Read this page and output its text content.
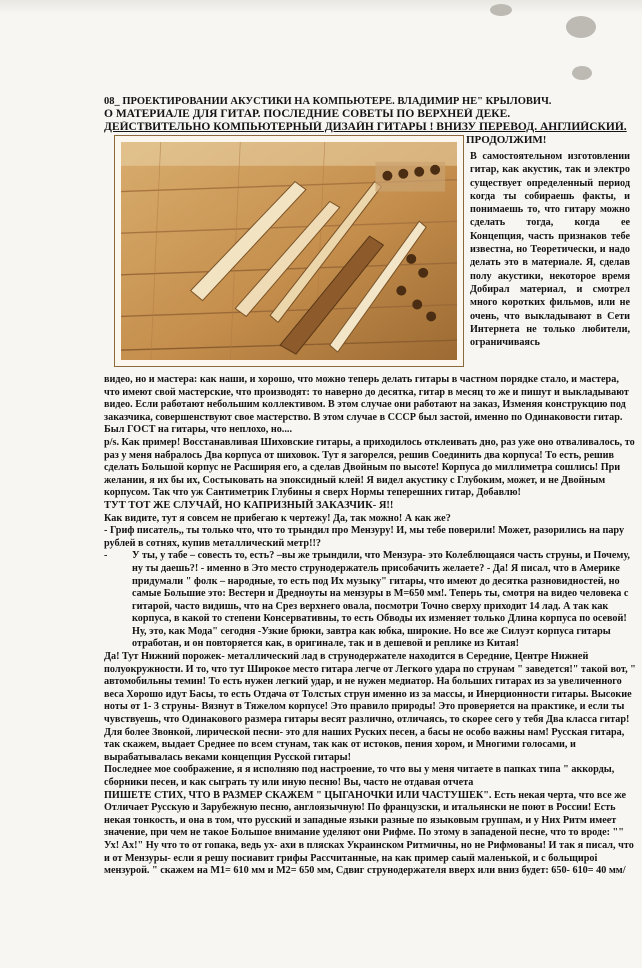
08_ ПРОЕКТИРОВАНИИ АКУСТИКИ НА КОМПЬЮТЕРЕ. ВЛАДИМИР НЕ" КРЫЛОВИЧ.
О МАТЕРИАЛЕ ДЛЯ ГИТАР. ПОСЛЕДНИЕ СОВЕТЫ ПО ВЕРХНЕЙ ДЕКЕ.
ДЕЙСТВИТЕЛЬНО КОМПЬЮТЕРНЫЙ ДИЗАЙН ГИТАРЫ ! ВНИЗУ ПЕРЕВОД. АНГЛИЙСКИЙ.
ПРОДОЛЖИМ!
В самостоятельном изготовлении гитар, как акустик, так и электро существует определенный период когда ты собираешь факты, и понимаешь то, что гитару можно сделать тогда, когда ее Концепция, часть признаков тебе известна, но Теоретически, и надо делать это в материале. Я, сделав полу акустики, некоторое время Добирал материал, и смотрел много коротких фильмов, или не очень, что выкладывают в Сети Интернета не только любители, ограничиваясь

видео, но и мастера: как наши, и хорошо, что можно теперь делать гитары в частном порядке стало, и мастера, что имеют свой мастерские, что производят: то наверно до десятка, гитар в месяц то же и пишут и выкладывают видео. Если работают небольшим коллективом. В этом случае они работают на заказ, Изменяя конструкцию под заказчика, совершенствуют свое мастерство. В этом случае в СССР был застой, именно по Одинаковости гитар. Был ГОСТ на гитары, что неплохо, но....

p/s. Как пример! Восстанавливая Шиховские гитары, а приходилось отклеивать дно, раз уже оно отваливалось, то раз у меня набралось Два корпуса от шиховок. Тут я загорелся, решив Соединить два корпуса! То есть, решив сделать Большой корпус не Расширяя его, а сделав Двойным по высоте! Корпуса до миллиметра сошлись! При желании, я их бы их, Состыковать на эпоксидный клей! Я видел акустику с Глубоким, может, и не Двойным корпусом. Так что уж Сантиметрик Глубины я сверх Нормы теперешних гитар, Добавлю!

ТУТ ТОТ ЖЕ СЛУЧАЙ, НО КАПРИЗНЫЙ ЗАКАЗЧИК- Я!!

Как видите, тут я совсем не прибегаю к чертежу! Да, так можно! А как же?

- Гриф писатель,, ты только что, что то трындил про Мензуру! И, мы тебе поверили! Может, разорились на пару рублей в сотнях, купив металлический метр!!?

-	У ты, у табе – совесть то, есть? –вы же трындили, что Мензура- это Колеблющаяся часть струны, и Почему, ну ты даешь?! - именно в Это место струнодержатель присобачить желаете? - Да! Я писал, что в Америке придумали " фолк – народные, то есть под Их музыку" гитары, что имеют до десятка разновидностей, но самые Большие это: Вестерн и Дредноуты на мензуры в М=650 мм!. Теперь ты, смотря на видео человека с гитарой, часто видишь, что на Срез верхнего овала, посмотри Точно сверху приходит 14 лад. А так как корпуса, в какой то степени Консервативны, то есть Обводы их изменяет только Длина корпуса по осевой! Ну, это, как Мода" сегодня -Узкие брюки, завтра как юбка, широкие. Но все же Силуэт корпуса гитары отработан, и он повторяется как, в оригинале, так и в дешевой и реплике из Китая!

Да! Тут Нижний порожек- металлический лад в струнодержателе находится в Середние, Центре Нижней полуокружности. И то, что тут Широкое место гитара легче от Легкого удара по струнам " заведется!" такой вот, " автомобильны темин! То есть нужен легкий удар, и не нужен медиатор. На больших гитарах из за увеличенного веса Хорошо идут Басы, то есть Отдача от Толстых струн именно из за массы, и Инерционности гитары. Высокие ноты от 1- 3 струны- Вязнут в Тяжелом корпусе! Это правило природы! Это проверяется на практике, и если ты чувствуешь, что Одинакового размера гитары весят различно, отличаясь, то скорее сего у тебя Два класса гитар! Для более Звонкой, лирической песни- это для наших Руских песен, а басы не особо важны нам! Русская гитара, так скажем, выдает Среднее по всем стунам, так как от истоков, пения хором, и Многими голосами, и вырабатывалась веками концепция Русской гитары!

Последнее мое соображение, я я исполняю под настроение, то что вы у меня читаете в папках типа " аккорды, сборники песен, и как сыграть ту или иную песню! Вы, часто не отдавая отчета

ПИШЕТЕ СТИХ, ЧТО В РАЗМЕР СКАЖЕМ " ЦЫГАНОЧКИ ИЛИ ЧАСТУШЕК". Есть некая черта, что все же Отличает Русскую и Зарубежную песню, англоязычную! По французски, и итальянски не поют в России! Есть некая тонкость, и она в том, что русский и западные языки разные по языковым группам, и у Них Ритм имеет значение, при чем не такое Большое внимание уделяют они Рифме. По этому в западеной песне, что то вроде: "" Ух! Ах!" Ну что то от гопака, ведь ух- ахи в плясках Украинском Ритмичны, но не Рифмованы! И так я писал, что и от Мензуры- если я решу посиавит грифы Рассчитанные, на как пример саый маленькой, и с больщирoi мензурой. " скажем на М1= 610 мм и М2= 650 мм, Сдвиг струнодержателя вверх или вниз будет: 650- 610= 40 мм/
